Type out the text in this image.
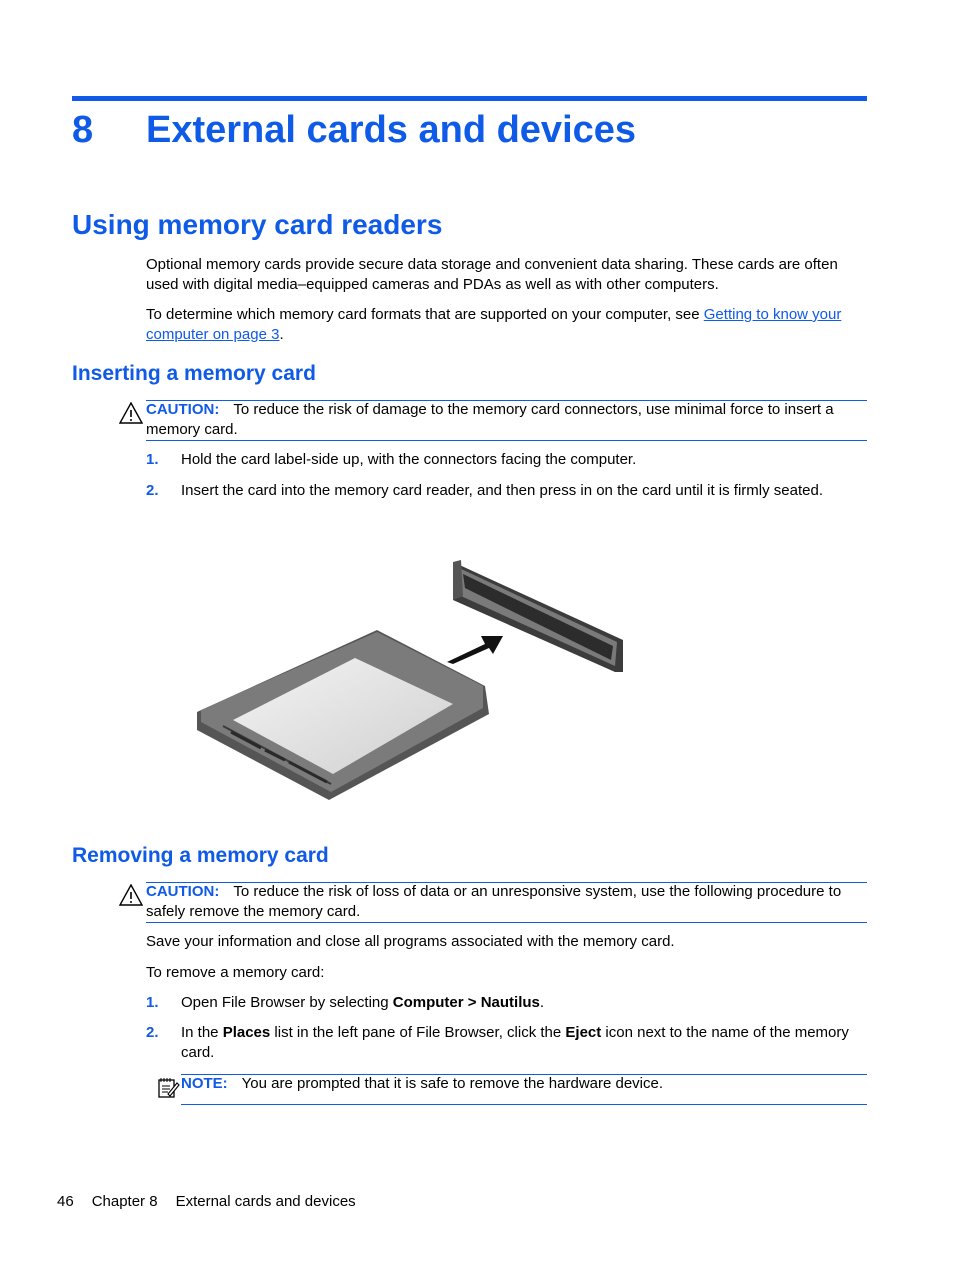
8 External cards and devices
Using memory card readers
Optional memory cards provide secure data storage and convenient data sharing. These cards are often used with digital media–equipped cameras and PDAs as well as with other computers.
To determine which memory card formats that are supported on your computer, see Getting to know your computer on page 3.
Inserting a memory card
CAUTION: To reduce the risk of damage to the memory card connectors, use minimal force to insert a memory card.
1. Hold the card label-side up, with the connectors facing the computer.
2. Insert the card into the memory card reader, and then press in on the card until it is firmly seated.
Removing a memory card
CAUTION: To reduce the risk of loss of data or an unresponsive system, use the following procedure to safely remove the memory card.
Save your information and close all programs associated with the memory card.
To remove a memory card:
1. Open File Browser by selecting Computer > Nautilus.
2. In the Places list in the left pane of File Browser, click the Eject icon next to the name of the memory card.
NOTE: You are prompted that it is safe to remove the hardware device.
46 Chapter 8 External cards and devices
